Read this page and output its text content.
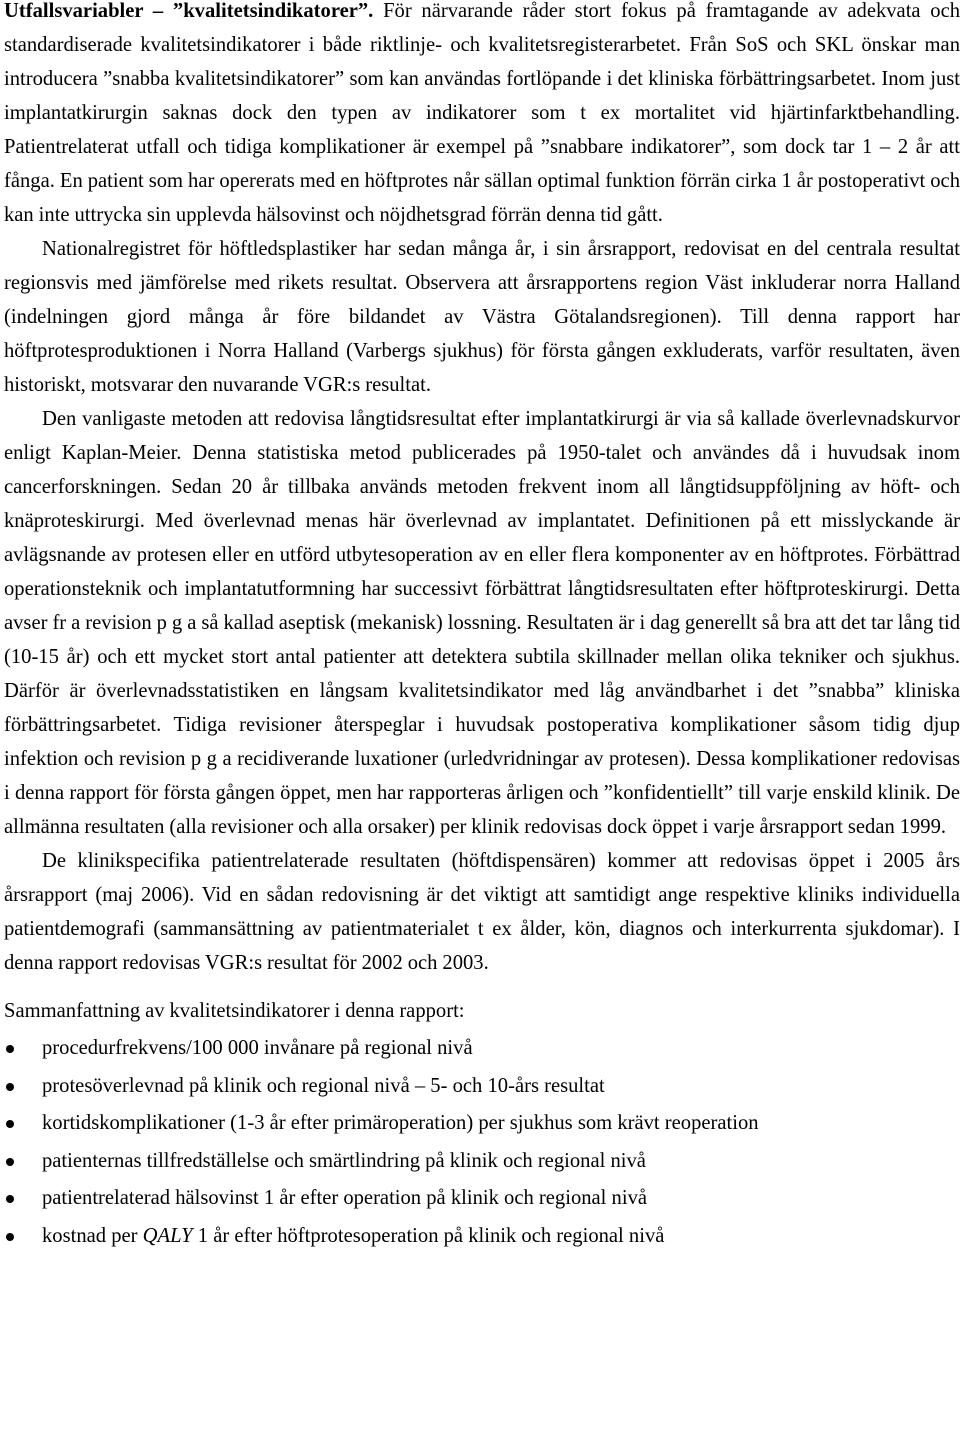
Utfallsvariabler – ”kvalitetsindikatorer”. För närvarande råder stort fokus på framtagande av adekvata och standardiserade kvalitetsindikatorer i både riktlinje- och kvalitetsregisterarbetet. Från SoS och SKL önskar man introducera ”snabba kvalitetsindikatorer” som kan användas fortlöpande i det kliniska förbättringsarbetet. Inom just implantatkirurgin saknas dock den typen av indikatorer som t ex mortalitet vid hjärtinfarktbehandling. Patientrelaterat utfall och tidiga komplikationer är exempel på ”snabbare indikatorer”, som dock tar 1 – 2 år att fånga. En patient som har opererats med en höftprotes når sällan optimal funktion förrän cirka 1 år postoperativt och kan inte uttrycka sin upplevda hälsovinst och nöjdhetsgrad förrän denna tid gått.

Nationalregistret för höftledsplastiker har sedan många år, i sin årsrapport, redovisat en del centrala resultat regionsvis med jämförelse med rikets resultat. Observera att årsrapportens region Väst inkluderar norra Halland (indelningen gjord många år före bildandet av Västra Götalandsregionen). Till denna rapport har höftprotesproduktionen i Norra Halland (Varbergs sjukhus) för första gången exkluderats, varför resultaten, även historiskt, motsvarar den nuvarande VGR:s resultat.

Den vanligaste metoden att redovisa långtidsresultat efter implantatkirurgi är via så kallade överlevnadskurvor enligt Kaplan-Meier. Denna statistiska metod publicerades på 1950-talet och användes då i huvudsak inom cancerforskningen. Sedan 20 år tillbaka används metoden frekvent inom all långtidsuppföljning av höft- och knäproteskirurgi. Med överlevnad menas här överlevnad av implantatet. Definitionen på ett misslyckande är avlägsnande av protesen eller en utförd utbytesoperation av en eller flera komponenter av en höftprotes. Förbättrad operationsteknik och implantatutformning har successivt förbättrat långtidsresultaten efter höftproteskirurgi. Detta avser fr a revision p g a så kallad aseptisk (mekanisk) lossning. Resultaten är i dag generellt så bra att det tar lång tid (10-15 år) och ett mycket stort antal patienter att detektera subtila skillnader mellan olika tekniker och sjukhus. Därför är överlevnadsstatistiken en långsam kvalitetsindikator med låg användbarhet i det ”snabba” kliniska förbättringsarbetet. Tidiga revisioner återspeglar i huvudsak postoperativa komplikationer såsom tidig djup infektion och revision p g a recidiverande luxationer (urledvridningar av protesen). Dessa komplikationer redovisas i denna rapport för första gången öppet, men har rapporteras årligen och ”konfidentiellt” till varje enskild klinik. De allmänna resultaten (alla revisioner och alla orsaker) per klinik redovisas dock öppet i varje årsrapport sedan 1999.

De klinikspecifika patientrelaterade resultaten (höftdispensären) kommer att redovisas öppet i 2005 års årsrapport (maj 2006). Vid en sådan redovisning är det viktigt att samtidigt ange respektive kliniks individuella patientdemografi (sammansättning av patientmaterialet t ex ålder, kön, diagnos och interkurrenta sjukdomar). I denna rapport redovisas VGR:s resultat för 2002 och 2003.

Sammanfattning av kvalitetsindikatorer i denna rapport:

procedurfrekvens/100 000 invånare på regional nivå
protesöverlevnad på klinik och regional nivå – 5- och 10-års resultat
kortidskomplikationer (1-3 år efter primäroperation) per sjukhus som krävt reoperation
patienternas tillfredställelse och smärtlindring på klinik och regional nivå
patientrelaterad hälsovinst 1 år efter operation på klinik och regional nivå
kostnad per QALY 1 år efter höftprotesoperation på klinik och regional nivå
